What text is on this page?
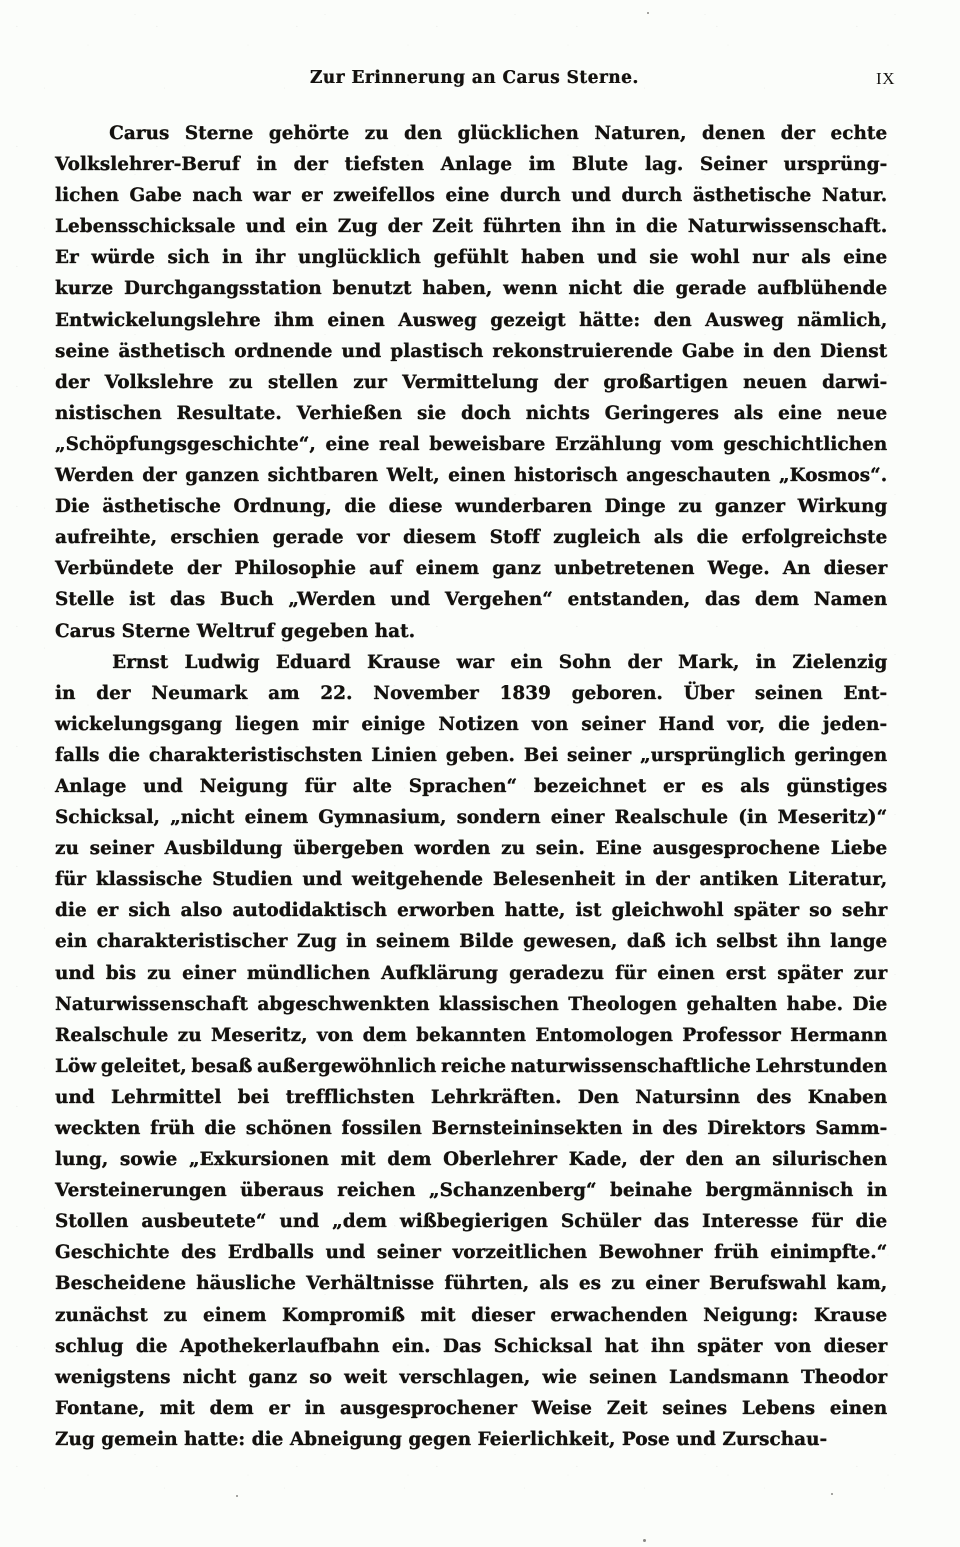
Zur Erinnerung an Carus Sterne.	IX
Carus Sterne gehörte zu den glücklichen Naturen, denen der echte
Volkslehrer-Beruf in der tiefsten Anlage im Blute lag. Seiner ursprüng-
lichen Gabe nach war er zweifellos eine durch und durch ästhetische Natur.
Lebensschicksale und ein Zug der Zeit führten ihn in die Naturwissenschaft.
Er würde sich in ihr unglücklich gefühlt haben und sie wohl nur als eine
kurze Durchgangsstation benutzt haben, wenn nicht die gerade aufblühende
Entwickelungslehre ihm einen Ausweg gezeigt hätte: den Ausweg nämlich,
seine ästhetisch ordnende und plastisch rekonstruierende Gabe in den Dienst
der Volkslehre zu stellen zur Vermittelung der großartigen neuen darwi-
nistischen Resultate. Verhießen sie doch nichts Geringeres als eine neue
„Schöpfungsgeschichte“, eine real beweisbare Erzählung vom geschichtlichen
Werden der ganzen sichtbaren Welt, einen historisch angeschauten „Kosmos“.
Die ästhetische Ordnung, die diese wunderbaren Dinge zu ganzer Wirkung
aufreihte, erschien gerade vor diesem Stoff zugleich als die erfolgreichste
Verbündete der Philosophie auf einem ganz unbetretenen Wege. An dieser
Stelle ist das Buch „Werden und Vergehen“ entstanden, das dem Namen
Carus Sterne Weltruf gegeben hat.
Ernst Ludwig Eduard Krause war ein Sohn der Mark, in Zielenzig
in der Neumark am 22. November 1839 geboren. Über seinen Ent-
wickelungsgang liegen mir einige Notizen von seiner Hand vor, die jeden-
falls die charakteristischsten Linien geben. Bei seiner „ursprünglich geringen
Anlage und Neigung für alte Sprachen“ bezeichnet er es als günstiges
Schicksal, „nicht einem Gymnasium, sondern einer Realschule (in Meseritz)“
zu seiner Ausbildung übergeben worden zu sein. Eine ausgesprochene Liebe
für klassische Studien und weitgehende Belesenheit in der antiken Literatur,
die er sich also autodidaktisch erworben hatte, ist gleichwohl später so sehr
ein charakteristischer Zug in seinem Bilde gewesen, daß ich selbst ihn lange
und bis zu einer mündlichen Aufklärung geradezu für einen erst später zur
Naturwissenschaft abgeschwenkten klassischen Theologen gehalten habe. Die
Realschule zu Meseritz, von dem bekannten Entomologen Professor Hermann
Löw geleitet, besaß außergewöhnlich reiche naturwissenschaftliche Lehrstunden
und Lehrmittel bei trefflichsten Lehrkräften. Den Natursinn des Knaben
weckten früh die schönen fossilen Bernsteininsekten in des Direktors Samm-
lung, sowie „Exkursionen mit dem Oberlehrer Kade, der den an silurischen
Versteinerungen überaus reichen „Schanzenberg“ beinahe bergmännisch in
Stollen ausbeutete“ und „dem wißbegierigen Schüler das Interesse für die
Geschichte des Erdballs und seiner vorzeitlichen Bewohner früh einimpfte.“
Bescheidene häusliche Verhältnisse führten, als es zu einer Berufswahl kam,
zunächst zu einem Kompromiß mit dieser erwachenden Neigung: Krause
schlug die Apothekerlaufbahn ein. Das Schicksal hat ihn später von dieser
wenigstens nicht ganz so weit verschlagen, wie seinen Landsmann Theodor
Fontane, mit dem er in ausgesprochener Weise Zeit seines Lebens einen
Zug gemein hatte: die Abneigung gegen Feierlichkeit, Pose und Zurschau-
